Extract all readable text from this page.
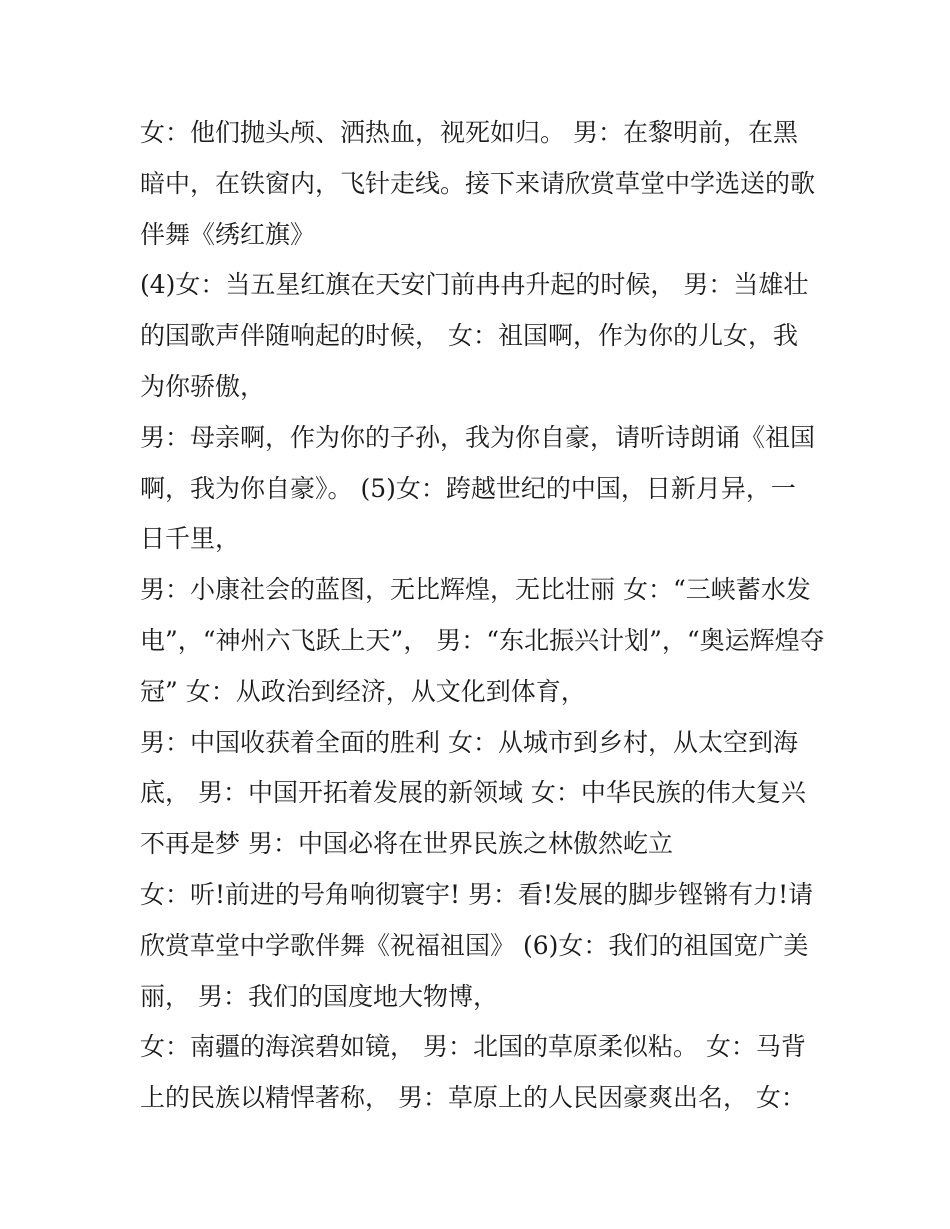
女：他们抛头颅、洒热血，视死如归。 男：在黎明前，在黑
暗中，在铁窗内，飞针走线。接下来请欣赏草堂中学选送的歌
伴舞《绣红旗》
(4)女：当五星红旗在天安门前冉冉升起的时候， 男：当雄壮
的国歌声伴随响起的时候， 女：祖国啊，作为你的儿女，我
为你骄傲，
男：母亲啊，作为你的子孙，我为你自豪，请听诗朗诵《祖国
啊，我为你自豪》。 (5)女：跨越世纪的中国，日新月异，一
日千里，
男：小康社会的蓝图，无比辉煌，无比壮丽 女：“三峡蓄水发
电”，“神州六飞跃上天”， 男：“东北振兴计划”，“奥运辉煌夺
冠” 女：从政治到经济，从文化到体育，
男：中国收获着全面的胜利 女：从城市到乡村，从太空到海
底， 男：中国开拓着发展的新领域 女：中华民族的伟大复兴
不再是梦 男：中国必将在世界民族之林傲然屹立
女：听!前进的号角响彻寰宇! 男：看!发展的脚步铿锵有力!请
欣赏草堂中学歌伴舞《祝福祖国》 (6)女：我们的祖国宽广美
丽， 男：我们的国度地大物博，
女：南疆的海滨碧如镜， 男：北国的草原柔似粘。 女：马背
上的民族以精悍著称， 男：草原上的人民因豪爽出名， 女：
